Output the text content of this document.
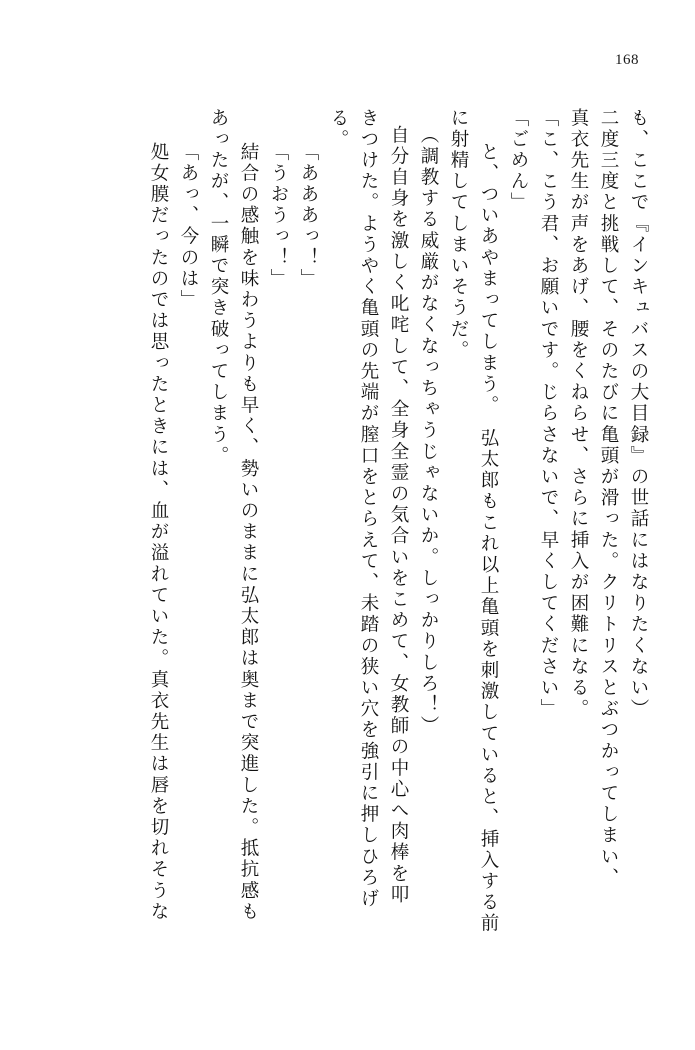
168
も、ここで『インキュバスの大目録』の世話にはなりたくない）
二度三度と挑戦して、そのたびに亀頭が滑った。クリトリスとぶつかってしまい、
真衣先生が声をあげ、腰をくねらせ、さらに挿入が困難になる。
「こ、こう君、お願いです。じらさないで、早くしてください」
「ごめん」
と、ついあやまってしまう。　弘太郎もこれ以上亀頭を刺激していると、挿入する前
に射精してしまいそうだ。
（調教する威厳がなくなっちゃうじゃないか。しっかりしろ！）
自分自身を激しく叱咤して、全身全霊の気合いをこめて、女教師の中心へ肉棒を叩
きつけた。ようやく亀頭の先端が膣口をとらえて、未踏の狭い穴を強引に押しひろげ
る。
「あああっ！」
「うおうっ！」
結合の感触を味わうよりも早く、勢いのままに弘太郎は奥まで突進した。抵抗感も
あったが、一瞬で突き破ってしまう。
「あっ、今のは」
処女膜だったのでは思ったときには、血が溢れていた。真衣先生は唇を切れそうな
